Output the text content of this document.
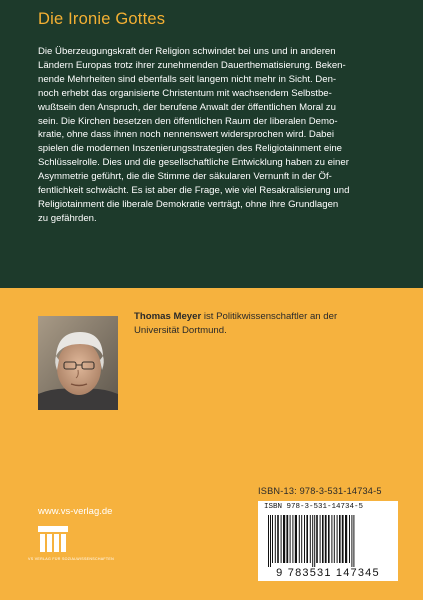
Die Ironie Gottes
Die Überzeugungskraft der Religion schwindet bei uns und in anderen
Ländern Europas trotz ihrer zunehmenden Dauerthematisierung. Beken-
nende Mehrheiten sind ebenfalls seit langem nicht mehr in Sicht. Den-
noch erhebt das organisierte Christentum mit wachsendem Selbstbe-
wußtsein den Anspruch, der berufene Anwalt der öffentlichen Moral zu
sein. Die Kirchen besetzen den öffentlichen Raum der liberalen Demo-
kratie, ohne dass ihnen noch nennenswert widersprochen wird. Dabei
spielen die modernen Inszenierungsstrategien des Religiotainment eine
Schlüsselrolle. Dies und die gesellschaftliche Entwicklung haben zu einer
Asymmetrie geführt, die die Stimme der säkularen Vernunft in der Öf-
fentlichkeit schwächt. Es ist aber die Frage, wie viel Resakralisierung und
Religiotainment die liberale Demokratie verträgt, ohne ihre Grundlagen
zu gefährden.
Thomas Meyer ist Politikwissenschaftler an der
Universität Dortmund.
www.vs-verlag.de
VS VERLAG FÜR SOZIALWISSENSCHAFTEN
ISBN-13: 978-3-531-14734-5
ISBN 978-3-531-14734-5
9 783531 147345
